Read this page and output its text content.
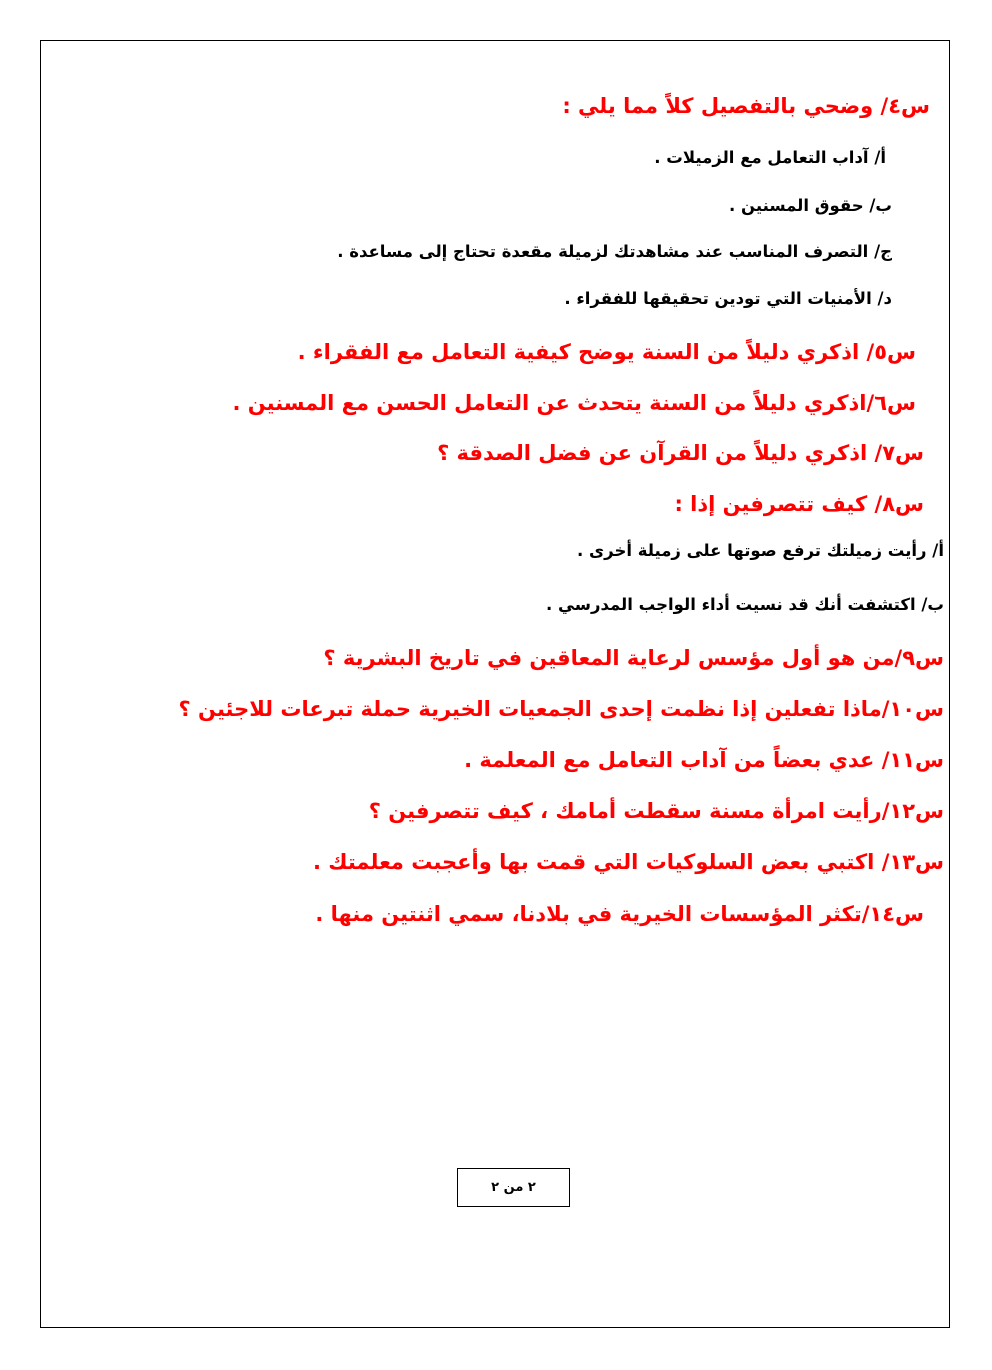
س٤/ وضحي بالتفصيل كلاً مما يلي :
أ/ آداب التعامل مع الزميلات .
ب/ حقوق المسنين .
ج/ التصرف المناسب عند مشاهدتك لزميلة مقعدة تحتاج إلى مساعدة .
د/ الأمنيات التي تودين تحقيقها للفقراء .
س٥/ اذكري دليلاً من السنة يوضح كيفية التعامل مع الفقراء .
س٦/اذكري دليلاً من السنة يتحدث عن التعامل الحسن مع المسنين .
س٧/ اذكري دليلاً من القرآن عن فضل الصدقة ؟
س٨/ كيف تتصرفين إذا :
أ/ رأيت زميلتك ترفع صوتها على زميلة أخرى .
ب/ اكتشفت أنك قد نسيت أداء الواجب المدرسي .
س٩/من هو أول مؤسس لرعاية المعاقين في تاريخ البشرية ؟
س١٠/ماذا تفعلين إذا نظمت إحدى الجمعيات الخيرية حملة تبرعات للاجئين ؟
س١١/ عدي بعضاً من آداب التعامل مع المعلمة .
س١٢/رأيت امرأة مسنة سقطت أمامك ، كيف تتصرفين ؟
س١٣/ اكتبي بعض السلوكيات التي قمت بها وأعجبت معلمتك .
س١٤/تكثر المؤسسات الخيرية في بلادنا، سمي اثنتين منها .
٢ من ٢
